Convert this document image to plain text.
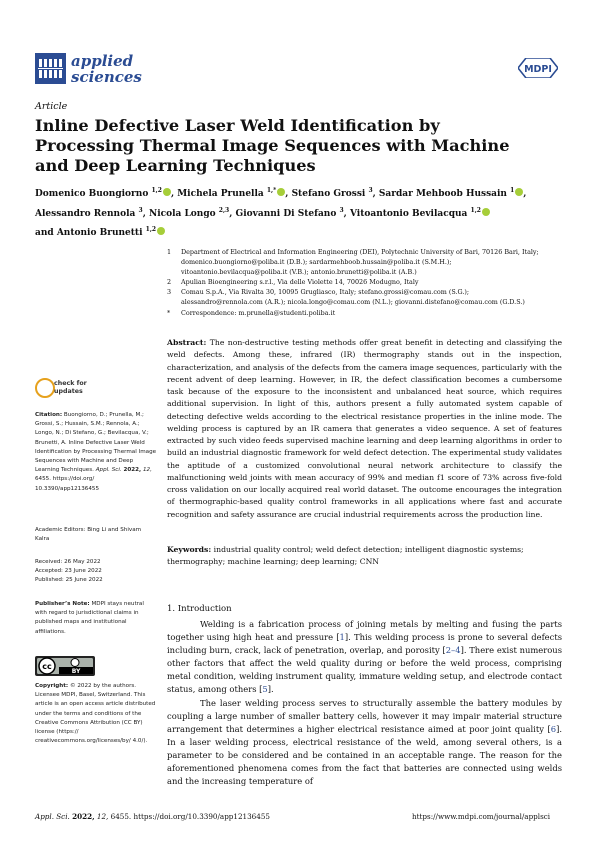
applied
sciences	MDPI
Article
Inline Defective Laser Weld Identification by Processing Thermal Image Sequences with Machine and Deep Learning Techniques
Domenico Buongiorno $^{1,2}$ , Michela Prunella $^{1,*}$ , Stefano Grossi $^3$, Sardar Mehboob Hussain $^1$ ,
Alessandro Rennola $^3$, Nicola Longo $^{2,3}$, Giovanni Di Stefano $^3$, Vitoantonio Bevilacqua $^{1,2}$
and Antonio Brunetti $^{1,2}$
1 Department of Electrical and Information Engineering (DEI), Polytechnic University of Bari, 70126 Bari, Italy;
domenico.buongiorno@poliba.it (D.B.); sardarmehboob.hussain@poliba.it (S.M.H.);
vitoantonio.bevilacqua@poliba.it (V.B.); antonio.brunetti@poliba.it (A.B.)
2 Apulian Bioengineering s.r.l., Via delle Violette 14, 70026 Modugno, Italy
3 Comau S.p.A., Via Rivalta 30, 10095 Grugliasco, Italy; stefano.grossi@comau.com (S.G.);
alessandro@rennola.com (A.R.); nicola.longo@comau.com (N.L.); giovanni.distefano@comau.com (G.D.S.)
* Correspondence: m.prunella@studenti.poliba.it
Abstract: The non-destructive testing methods offer great benefit in detecting and classifying the weld defects. Among these, infrared (IR) thermography stands out in the inspection, characterization, and analysis of the defects from the camera image sequences, particularly with the recent advent of deep learning. However, in IR, the defect classification becomes a cumbersome task because of the exposure to the inconsistent and unbalanced heat source, which requires additional supervision. In light of this, authors present a fully automated system capable of detecting defective welds according to the electrical resistance properties in the inline mode. The welding process is captured by an IR camera that generates a video sequence. A set of features extracted by such video feeds supervised machine learning and deep learning algorithms in order to build an industrial diagnostic framework for weld defect detection. The experimental study validates the aptitude of a customized convolutional neural network architecture to classify the malfunctioning weld joints with mean accuracy of 99% and median f1 score of 73% across five-fold cross validation on our locally acquired real world dataset. The outcome encourages the integration of thermographic-based quality control frameworks in all applications where fast and accurate recognition and safety assurance are crucial industrial requirements across the production line.
Keywords: industrial quality control; weld defect detection; intelligent diagnostic systems; thermography; machine learning; deep learning; CNN
check for
updates
Citation: Buongiorno, D.; Prunella, M.; Grossi, S.; Hussain, S.M.; Rennola, A.; Longo, N.; Di Stefano, G.; Bevilacqua, V.; Brunetti, A. Inline Defective Laser Weld Identification by Processing Thermal Image Sequences with Machine and Deep Learning Techniques. Appl. Sci. 2022, 12, 6455. https://doi.org/ 10.3390/app12136455
Academic Editors: Bing Li and Shivam Kalra
Received: 26 May 2022
Accepted: 23 June 2022
Published: 25 June 2022
Publisher’s Note: MDPI stays neutral with regard to jurisdictional claims in published maps and institutional affiliations.
cc
BY
Copyright: © 2022 by the authors. Licensee MDPI, Basel, Switzerland. This article is an open access article distributed under the terms and conditions of the Creative Commons Attribution (CC BY) license (https:// creativecommons.org/licenses/by/ 4.0/).
1. Introduction

Welding is a fabrication process of joining metals by melting and fusing the parts together using high heat and pressure [1]. This welding process is prone to several defects including burn, crack, lack of penetration, overlap, and porosity [2–4]. There exist numerous other factors that affect the weld quality during or before the weld process, comprising metal condition, welding instrument quality, immature welding setup, and electrode contact status, among others [5].

The laser welding process serves to structurally assemble the battery modules by coupling a large number of smaller battery cells, however it may impair material structure arrangement that determines a higher electrical resistance aimed at poor joint quality [6]. In a laser welding process, electrical resistance of the weld, among several others, is a parameter to be considered and be contained in an acceptable range. The reason for the aforementioned phenomena comes from the fact that batteries are connected using welds and the increasing temperature of

Appl. Sci. 2022, 12, 6455. https://doi.org/10.3390/app12136455	https://www.mdpi.com/journal/applsci
